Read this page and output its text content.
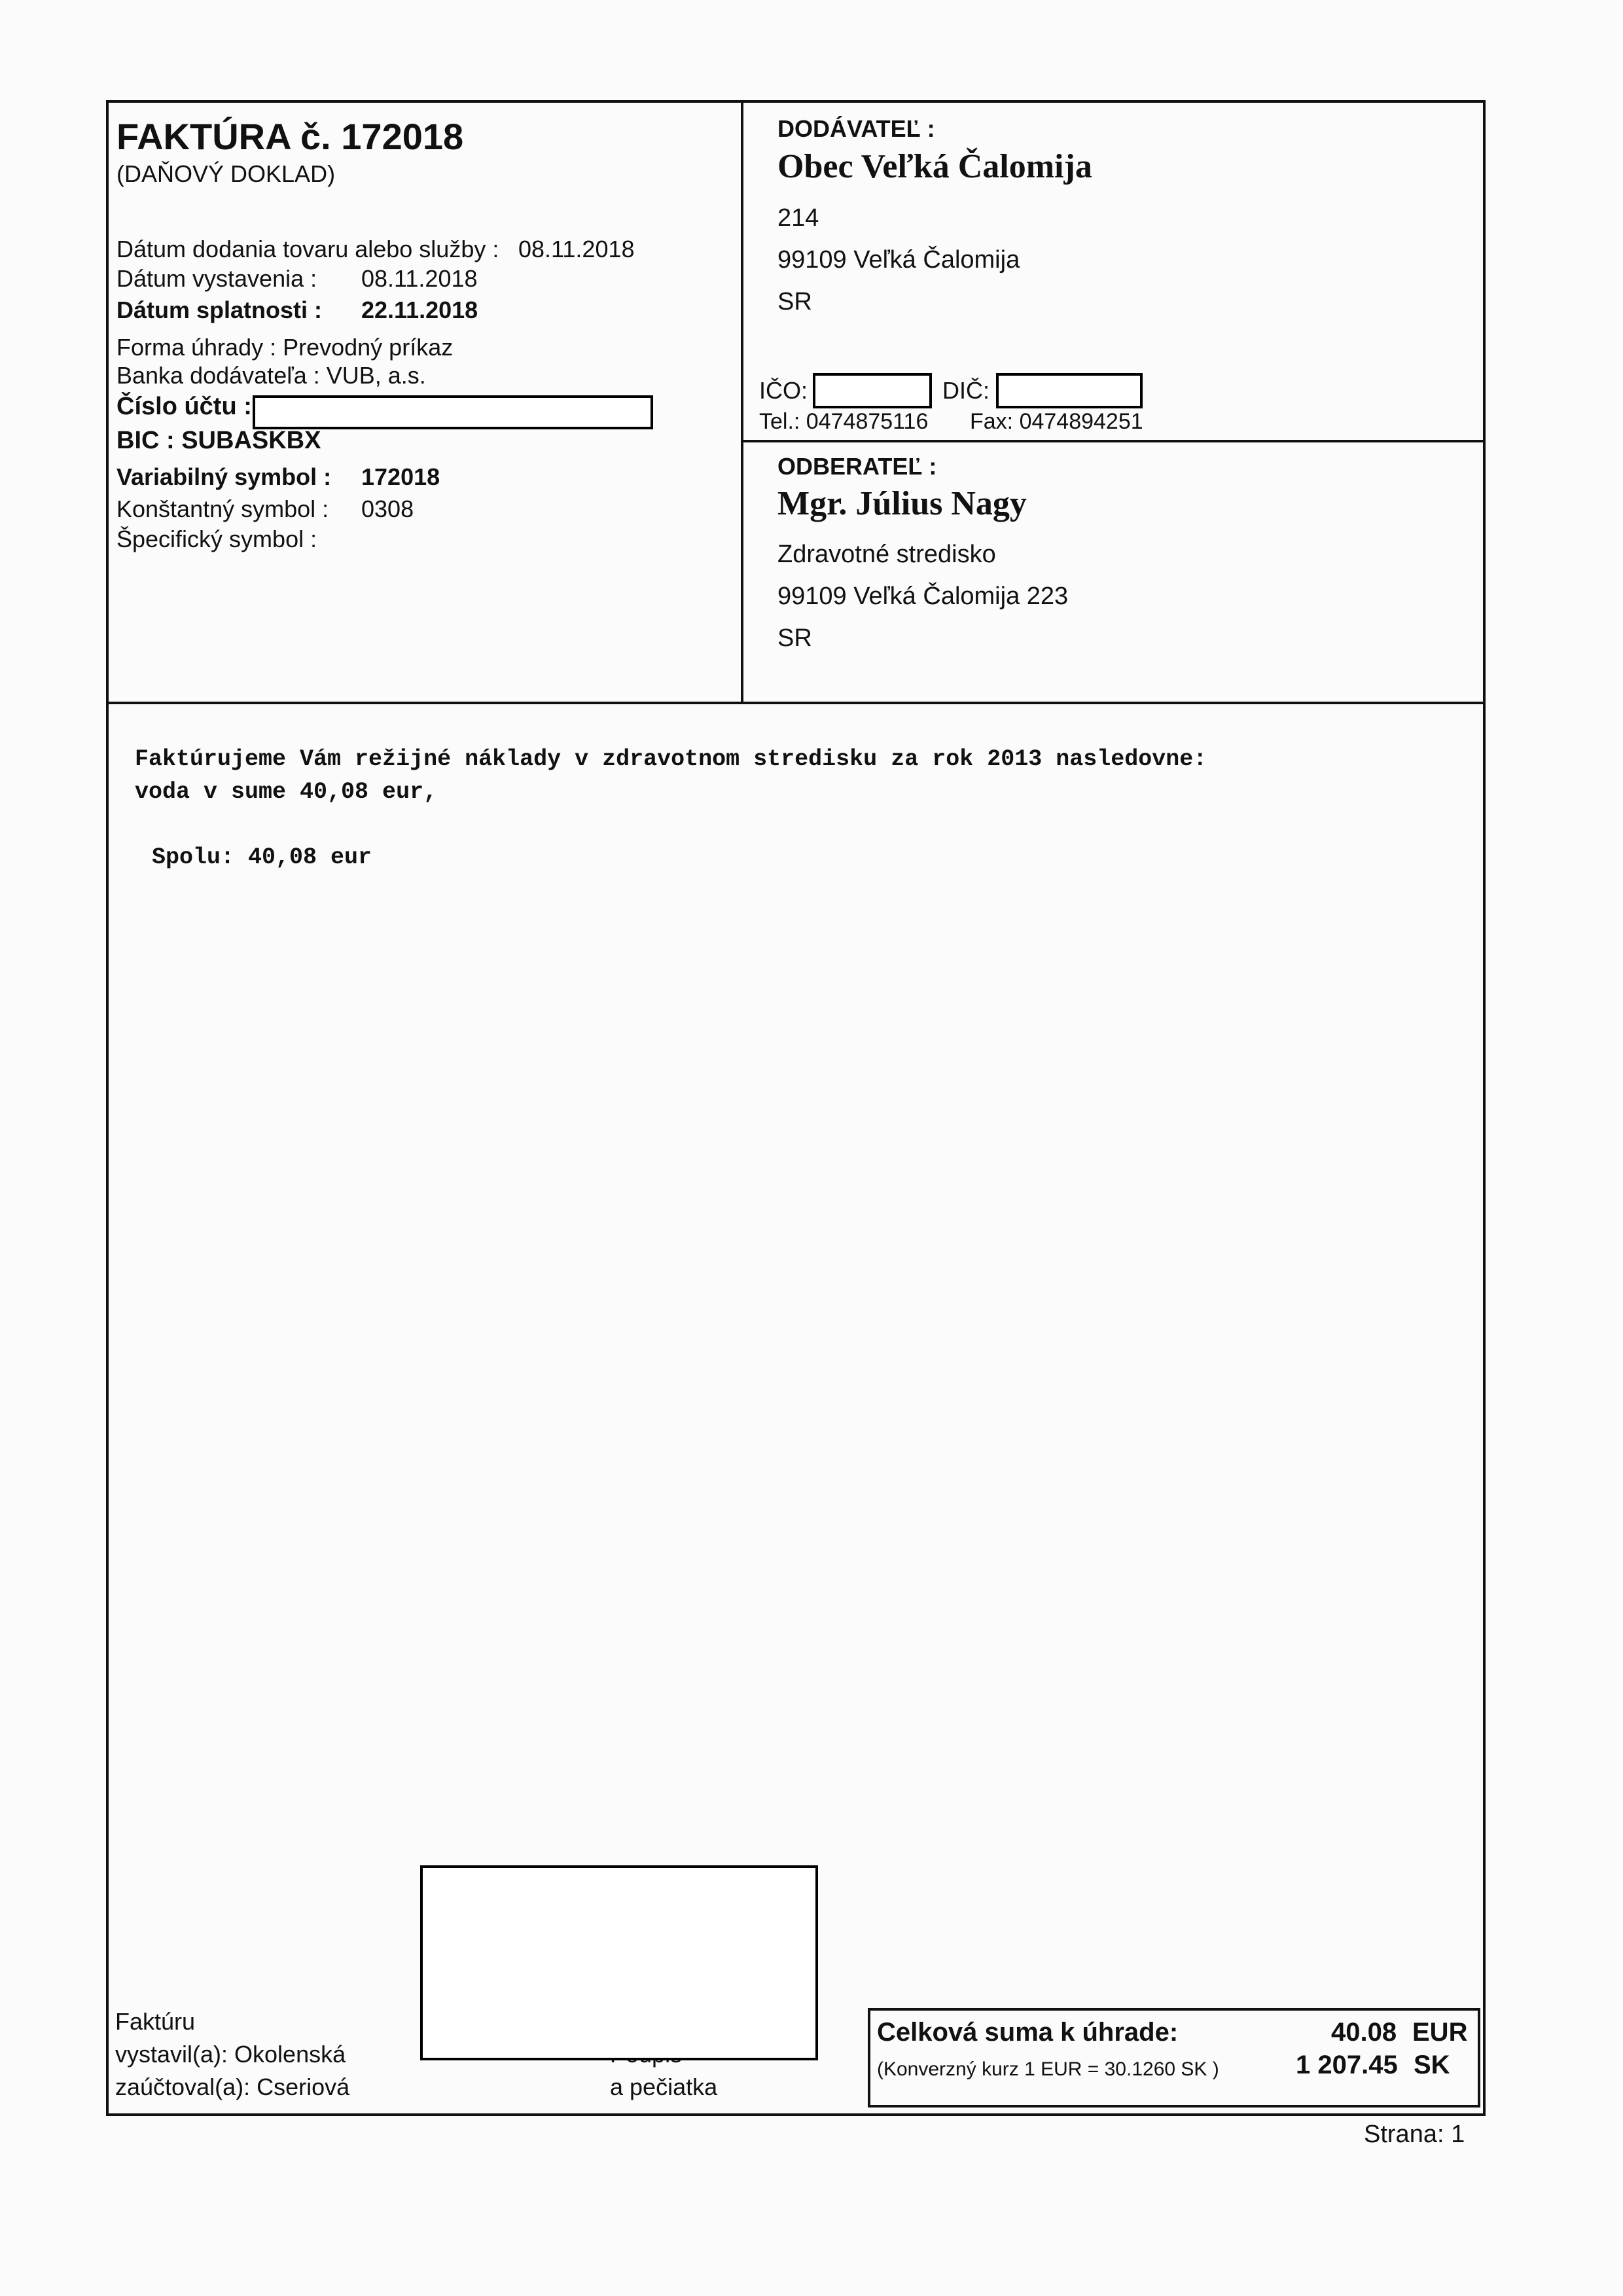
FAKTÚRA č. 172018
(DAŇOVÝ DOKLAD)
Dátum dodania tovaru alebo služby : 08.11.2018
Dátum vystavenia : 08.11.2018
Dátum splatnosti : 22.11.2018
Forma úhrady : Prevodný príkaz
Banka dodávateľa : VUB, a.s.
Číslo účtu :
BIC : SUBASKBX
Variabilný symbol : 172018
Konštantný symbol : 0308
Špecifický symbol :
DODÁVATEĽ :
Obec Veľká Čalomija
214
99109 Veľká Čalomija
SR
IČO:	DIČ:
Tel.: 0474875116 Fax: 0474894251
ODBERATEĽ :
Mgr. Július Nagy
Zdravotné stredisko
99109 Veľká Čalomija 223
SR
Faktúrujeme Vám režijné náklady v zdravotnom stredisku za rok 2013 nasledovne:
voda v sume 40,08 eur,
Spolu: 40,08 eur
a pečiatka
Faktúru
vystavil(a): Okolenská
zaúčtoval(a): Cseriová
Celková suma k úhrade:	40.08 EUR
(Konverzný kurz 1 EUR = 30.1260 SK )	1 207.45 SK
Strana: 1
